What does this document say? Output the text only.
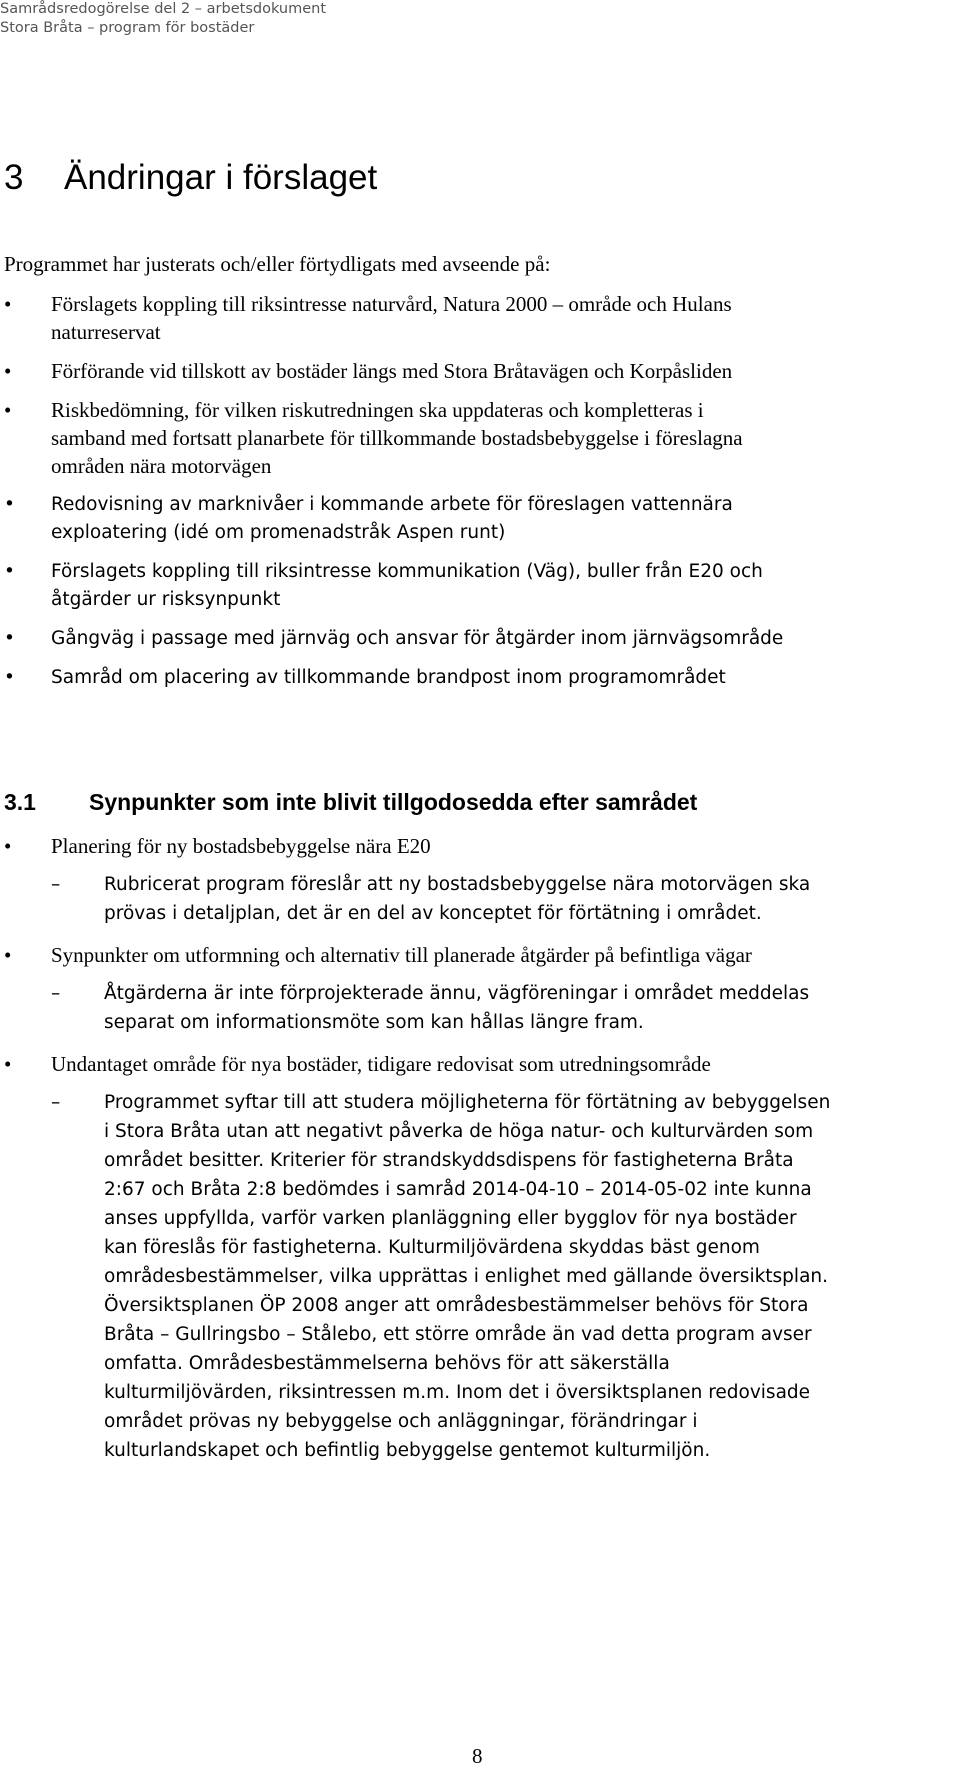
Samrådsredogörelse del 2 – arbetsdokument
Stora Bråta – program för bostäder
3 Ändringar i förslaget
Programmet har justerats och/eller förtydligats med avseende på:
• Förslagets koppling till riksintresse naturvård, Natura 2000 – område och Hulans
naturreservat
• Förförande vid tillskott av bostäder längs med Stora Bråtavägen och Korpåsliden
• Riskbedömning, för vilken riskutredningen ska uppdateras och kompletteras i
samband med fortsatt planarbete för tillkommande bostadsbebyggelse i föreslagna
områden nära motorvägen
• Redovisning av marknivåer i kommande arbete för föreslagen vattennära
exploatering (idé om promenadstråk Aspen runt)
• Förslagets koppling till riksintresse kommunikation (Väg), buller från E20 och
åtgärder ur risksynpunkt
• Gångväg i passage med järnväg och ansvar för åtgärder inom järnvägsområde
• Samråd om placering av tillkommande brandpost inom programområdet
3.1 Synpunkter som inte blivit tillgodosedda efter samrådet
• Planering för ny bostadsbebyggelse nära E20
– Rubricerat program föreslår att ny bostadsbebyggelse nära motorvägen ska
prövas i detaljplan, det är en del av konceptet för förtätning i området.
• Synpunkter om utformning och alternativ till planerade åtgärder på befintliga vägar
– Åtgärderna är inte förprojekterade ännu, vägföreningar i området meddelas
separat om informationsmöte som kan hållas längre fram.
• Undantaget område för nya bostäder, tidigare redovisat som utredningsområde
– Programmet syftar till att studera möjligheterna för förtätning av bebyggelsen
i Stora Bråta utan att negativt påverka de höga natur- och kulturvärden som
området besitter. Kriterier för strandskyddsdispens för fastigheterna Bråta
2:67 och Bråta 2:8 bedömdes i samråd 2014-04-10 – 2014-05-02 inte kunna
anses uppfyllda, varför varken planläggning eller bygglov för nya bostäder
kan föreslås för fastigheterna. Kulturmiljövärdena skyddas bäst genom
områdesbestämmelser, vilka upprättas i enlighet med gällande översiktsplan.
Översiktsplanen ÖP 2008 anger att områdesbestämmelser behövs för Stora
Bråta – Gullringsbo – Stålebo, ett större område än vad detta program avser
omfatta. Områdesbestämmelserna behövs för att säkerställa
kulturmiljövärden, riksintressen m.m. Inom det i översiktsplanen redovisade
området prövas ny bebyggelse och anläggningar, förändringar i
kulturlandskapet och befintlig bebyggelse gentemot kulturmiljön.
8
